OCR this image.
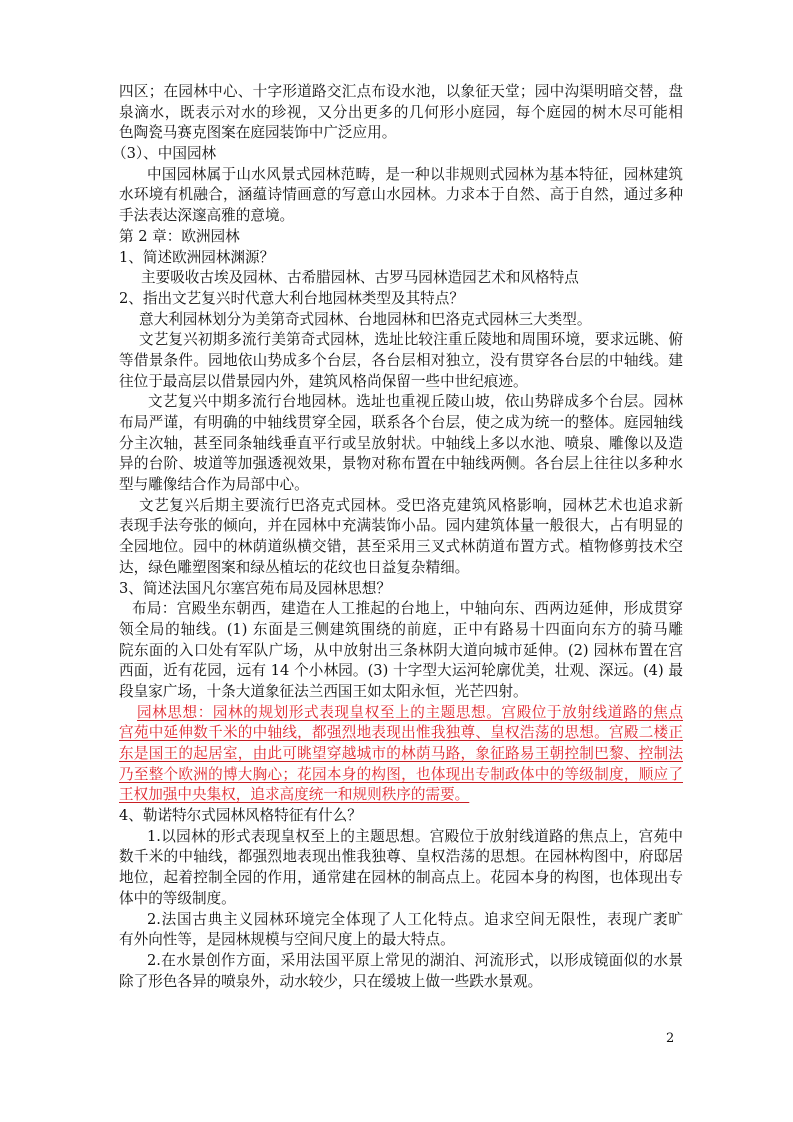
四区；在园林中心、十字形道路交汇点布设水池，以象征天堂；园中沟渠明暗交替，盘
泉滴水，既表示对水的珍视，又分出更多的几何形小庭园，每个庭园的树木尽可能相
色陶瓷马赛克图案在庭园装饰中广泛应用。
（3）、中国园林
中国园林属于山水风景式园林范畴，是一种以非规则式园林为基本特征，园林建筑
水环境有机融合，涵蕴诗情画意的写意山水园林。力求本于自然、高于自然，通过多种
手法表达深邃高雅的意境。
第 2 章：欧洲园林
1、简述欧洲园林渊源？
主要吸收古埃及园林、古希腊园林、古罗马园林造园艺术和风格特点
2、指出文艺复兴时代意大利台地园林类型及其特点？
意大利园林划分为美第奇式园林、台地园林和巴洛克式园林三大类型。
文艺复兴初期多流行美第奇式园林，选址比较注重丘陵地和周围环境，要求远眺、俯
等借景条件。园地依山势成多个台层，各台层相对独立，没有贯穿各台层的中轴线。建
往位于最高层以借景园内外，建筑风格尚保留一些中世纪痕迹。
文艺复兴中期多流行台地园林。选址也重视丘陵山坡，依山势辟成多个台层。园林
布局严谨，有明确的中轴线贯穿全园，联系各个台层，使之成为统一的整体。庭园轴线
分主次轴，甚至同条轴线垂直平行或呈放射状。中轴线上多以水池、喷泉、雕像以及造
异的台阶、坡道等加强透视效果，景物对称布置在中轴线两侧。各台层上往往以多种水
型与雕像结合作为局部中心。
文艺复兴后期主要流行巴洛克式园林。受巴洛克建筑风格影响，园林艺术也追求新
表现手法夸张的倾向，并在园林中充满装饰小品。园内建筑体量一般很大，占有明显的
全园地位。园中的林荫道纵横交错，甚至采用三叉式林荫道布置方式。植物修剪技术空
达，绿色雕塑图案和绿丛植坛的花纹也日益复杂精细。
3、简述法国凡尔塞宫苑布局及园林思想？
布局：宫殿坐东朝西，建造在人工推起的台地上，中轴向东、西两边延伸，形成贯穿
领全局的轴线。(1) 东面是三侧建筑围绕的前庭，正中有路易十四面向东方的骑马雕
院东面的入口处有军队广场，从中放射出三条林阴大道向城市延伸。(2) 园林布置在宫
西面，近有花园，远有 14 个小林园。(3) 十字型大运河轮廓优美，壮观、深远。(4) 最
段皇家广场，十条大道象征法兰西国王如太阳永恒，光芒四射。
园林思想：园林的规划形式表现皇权至上的主题思想。宫殿位于放射线道路的焦点
宫苑中延伸数千米的中轴线，都强烈地表现出惟我独尊、皇权浩荡的思想。宫殿二楼正
东是国王的起居室，由此可眺望穿越城市的林荫马路，象征路易王朝控制巴黎、控制法
乃至整个欧洲的博大胸心；花园本身的构图，也体现出专制政体中的等级制度，顺应了
王权加强中央集权，追求高度统一和规则秩序的需要。
4、勒诺特尔式园林风格特征有什么？
1.以园林的形式表现皇权至上的主题思想。宫殿位于放射线道路的焦点上，宫苑中
数千米的中轴线，都强烈地表现出惟我独尊、皇权浩荡的思想。在园林构图中，府邸居
地位，起着控制全园的作用，通常建在园林的制高点上。花园本身的构图，也体现出专
体中的等级制度。
2.法国古典主义园林环境完全体现了人工化特点。追求空间无限性，表现广袤旷
有外向性等，是园林规模与空间尺度上的最大特点。
2.在水景创作方面，采用法国平原上常见的湖泊、河流形式，以形成镜面似的水景
除了形色各异的喷泉外，动水较少，只在缓坡上做一些跌水景观。
2
